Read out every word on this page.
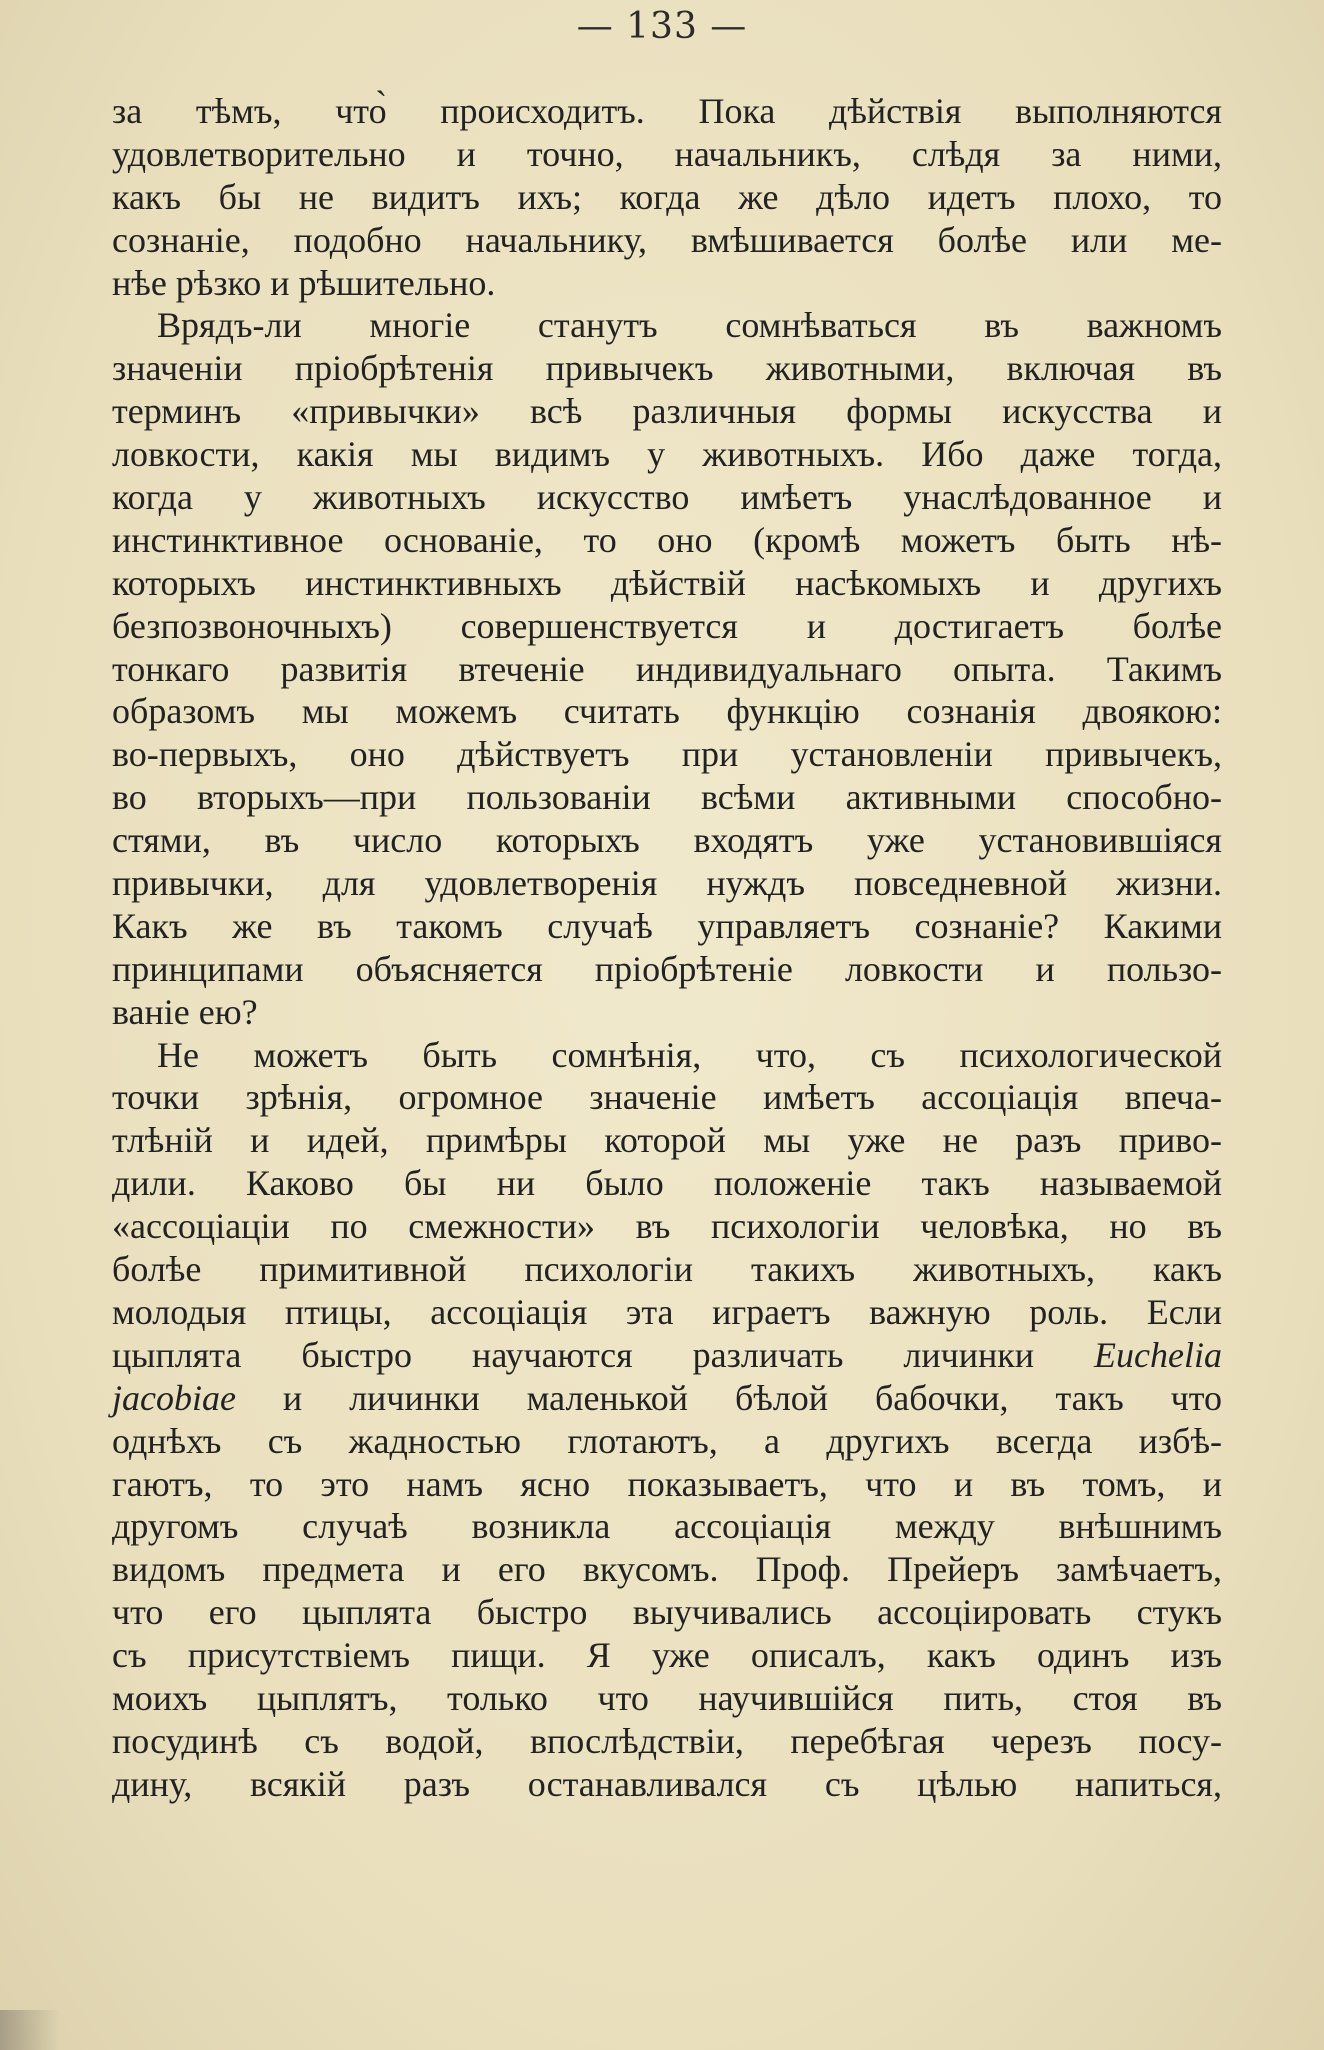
— 133 —
за тѣмъ, что̀ происходитъ. Пока дѣйствія выполняются
удовлетворительно и точно, начальникъ, слѣдя за ними,
какъ бы не видитъ ихъ; когда же дѣло идетъ плохо, то
сознаніе, подобно начальнику, вмѣшивается болѣе или ме-
нѣе рѣзко и рѣшительно.
Врядъ-ли многіе станутъ сомнѣваться въ важномъ
значеніи пріобрѣтенія привычекъ животными, включая въ
терминъ «привычки» всѣ различныя формы искусства и
ловкости, какія мы видимъ у животныхъ. Ибо даже тогда,
когда у животныхъ искусство имѣетъ унаслѣдованное и
инстинктивное основаніе, то оно (кромѣ можетъ быть нѣ-
которыхъ инстинктивныхъ дѣйствій насѣкомыхъ и другихъ
безпозвоночныхъ) совершенствуется и достигаетъ болѣе
тонкаго развитія втеченіе индивидуальнаго опыта. Такимъ
образомъ мы можемъ считать функцію сознанія двоякою:
во-первыхъ, оно дѣйствуетъ при установленіи привычекъ,
во вторыхъ—при пользованіи всѣми активными способно-
стями, въ число которыхъ входятъ уже установившіяся
привычки, для удовлетворенія нуждъ повседневной жизни.
Какъ же въ такомъ случаѣ управляетъ сознаніе? Какими
принципами объясняется пріобрѣтеніе ловкости и пользо-
ваніе ею?
Не можетъ быть сомнѣнія, что, съ психологической
точки зрѣнія, огромное значеніе имѣетъ ассоціація впеча-
тлѣній и идей, примѣры которой мы уже не разъ приво-
дили. Каково бы ни было положеніе такъ называемой
«ассоціаціи по смежности» въ психологіи человѣка, но въ
болѣе примитивной психологіи такихъ животныхъ, какъ
молодыя птицы, ассоціація эта играетъ важную роль. Если
цыплята быстро научаются различать личинки Euchelia
jacobiae и личинки маленькой бѣлой бабочки, такъ что
однѣхъ съ жадностью глотаютъ, а другихъ всегда избѣ-
гаютъ, то это намъ ясно показываетъ, что и въ томъ, и
другомъ случаѣ возникла ассоціація между внѣшнимъ
видомъ предмета и его вкусомъ. Проф. Прейеръ замѣчаетъ,
что его цыплята быстро выучивались ассоціировать стукъ
съ присутствіемъ пищи. Я уже описалъ, какъ одинъ изъ
моихъ цыплятъ, только что научившійся пить, стоя въ
посудинѣ съ водой, впослѣдствіи, перебѣгая черезъ посу-
дину, всякій разъ останавливался съ цѣлью напиться,
